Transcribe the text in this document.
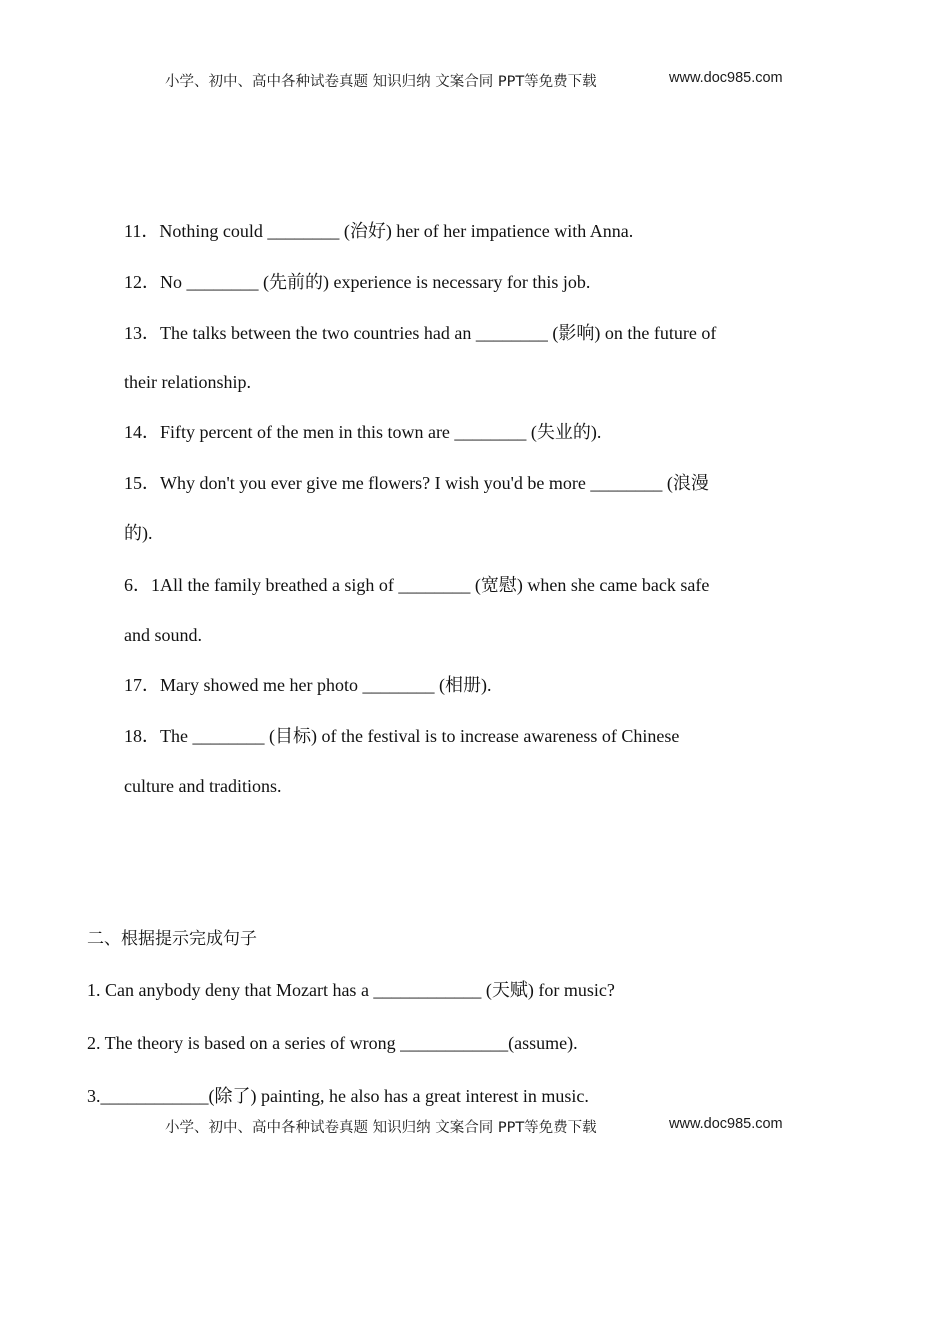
小学、初中、高中各种试卷真题 知识归纳 文案合同 PPT等免费下载	www.doc985.com

11．Nothing could ________ (治好) her of her impatience with Anna.

12．No ________ (先前的) experience is necessary for this job.

13．The talks between the two countries had an ________ (影响) on the future of

their relationship.

14．Fifty percent of the men in this town are ________ (失业的).

15．Why don't you ever give me flowers? I wish you'd be more ________ (浪漫

的).

6．1All the family breathed a sigh of ________ (宽慰) when she came back safe

and sound.

17．Mary showed me her photo ________ (相册).

18．The ________ (目标) of the festival is to increase awareness of Chinese

culture and traditions.

二、根据提示完成句子

1. Can anybody deny that Mozart has a ____________ (天赋) for music?

2. The theory is based on a series of wrong ____________(assume).

3.____________(除了) painting, he also has a great interest in music.

小学、初中、高中各种试卷真题 知识归纳 文案合同 PPT等免费下载	www.doc985.com
